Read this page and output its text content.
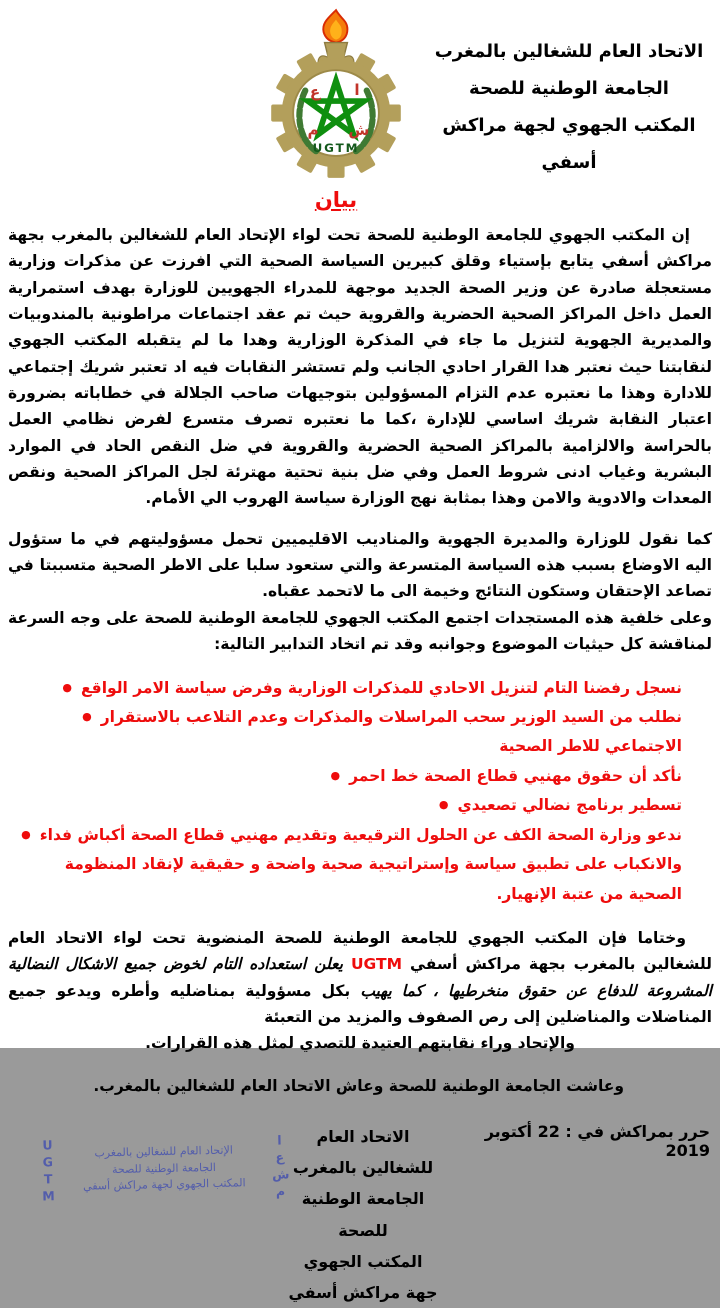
ع ا
ش
م
UGTM
بيان
الاتحاد العام للشغالين بالمغرب
الجامعة الوطنية للصحة
المكتب الجهوي لجهة مراكش أسفي

إن المكتب الجهوي للجامعة الوطنية للصحة تحت لواء الإتحاد العام للشغالين بالمغرب بجهة مراكش أسفي يتابع بإستياء وقلق كبيرين السياسة الصحية التي افرزت عن مذكرات وزارية مستعجلة صادرة عن وزير الصحة الجديد موجهة للمدراء الجهويين للوزارة بهدف استمرارية العمل داخل المراكز الصحية الحضرية والقروية حيث تم عقد اجتماعات مراطونية بالمندوبيات والمديرية الجهوية لتنزيل ما جاء في المذكرة الوزارية وهدا ما لم يتقبله المكتب الجهوي لنقابتنا حيث نعتبر هدا القرار احادي الجانب ولم تستشر النقابات فيه اد تعتبر شريك إجتماعي للادارة وهذا ما نعتبره عدم التزام المسؤولين بتوجيهات صاحب الجلالة في خطاباته بضرورة اعتبار النقابة شريك اساسي للإدارة ،كما ما نعتبره تصرف متسرع لفرض نظامي العمل بالحراسة والالزامية بالمراكز الصحية الحضرية والقروية في ضل النقص الحاد في الموارد البشرية وغياب ادنى شروط العمل وفي ضل بنية تحتية مهترئة لجل المراكز الصحية ونقص المعدات والادوية والامن وهذا بمثابة نهج الوزارة سياسة الهروب الي الأمام.

كما نقول للوزارة والمديرة الجهوية والمناديب الاقليميين تحمل مسؤوليتهم في ما ستؤول اليه الاوضاع بسبب هذه السياسة المتسرعة والتي ستعود سلبا على الاطر الصحية متسببتا في تصاعد الإحتقان وستكون النتائج وخيمة الى ما لاتحمد عقباه.

وعلى خلفية هذه المستجدات اجتمع المكتب الجهوي للجامعة الوطنية للصحة على وجه السرعة لمناقشة كل حيثيات الموضوع وجوانبه وقد تم اتخاد التدابير التالية:

● نسجل رفضنا التام لتنزيل الاحادي للمذكرات الوزارية وفرض سياسة الامر الواقع
● نطلب من السيد الوزير سحب المراسلات والمذكرات وعدم التلاعب بالاستقرار الاجتماعي للاطر الصحية
● نأكد أن حقوق مهنيي قطاع الصحة خط احمر
● تسطير برنامج نضالي تصعيدي
● ندعو وزارة الصحة الكف عن الحلول الترقيعية وتقديم مهنيي قطاع الصحة أكباش فداء والانكباب على تطبيق سياسة وإستراتيجية صحية واضحة و حقيقية لإنقاد المنظومة الصحية من عتبة الإنهيار.

وختاما فإن المكتب الجهوي للجامعة الوطنية للصحة المنضوية تحت لواء الاتحاد العام للشغالين بالمغرب بجهة مراكش أسفي UGTM يعلن استعداده التام لخوض جميع الاشكال النضالية المشروعة للدفاع عن حقوق منخرطيها ، كما يهيب بكل مسؤولية بمناضليه وأطره ويدعو جميع المناضلات والمناضلين إلى رص الصفوف والمزيد من التعبئة

والإتحاد وراء نقابتهم العتيدة للتصدي لمثل هذه القرارات.

وعاشت الجامعة الوطنية للصحة وعاش الاتحاد العام للشغالين بالمغرب.

U
G
T
M
الإتحاد العام للشغالين بالمغرب
الجامعة الوطنية للصحة
المكتب الجهوي لجهة مراكش أسفي
ا
ع
ش
م
الاتحاد العام للشغالين بالمغرب
الجامعة الوطنية للصحة
المكتب الجهوي جهة مراكش أسفي
حرر بمراكش في : 22 أكتوبر 2019
